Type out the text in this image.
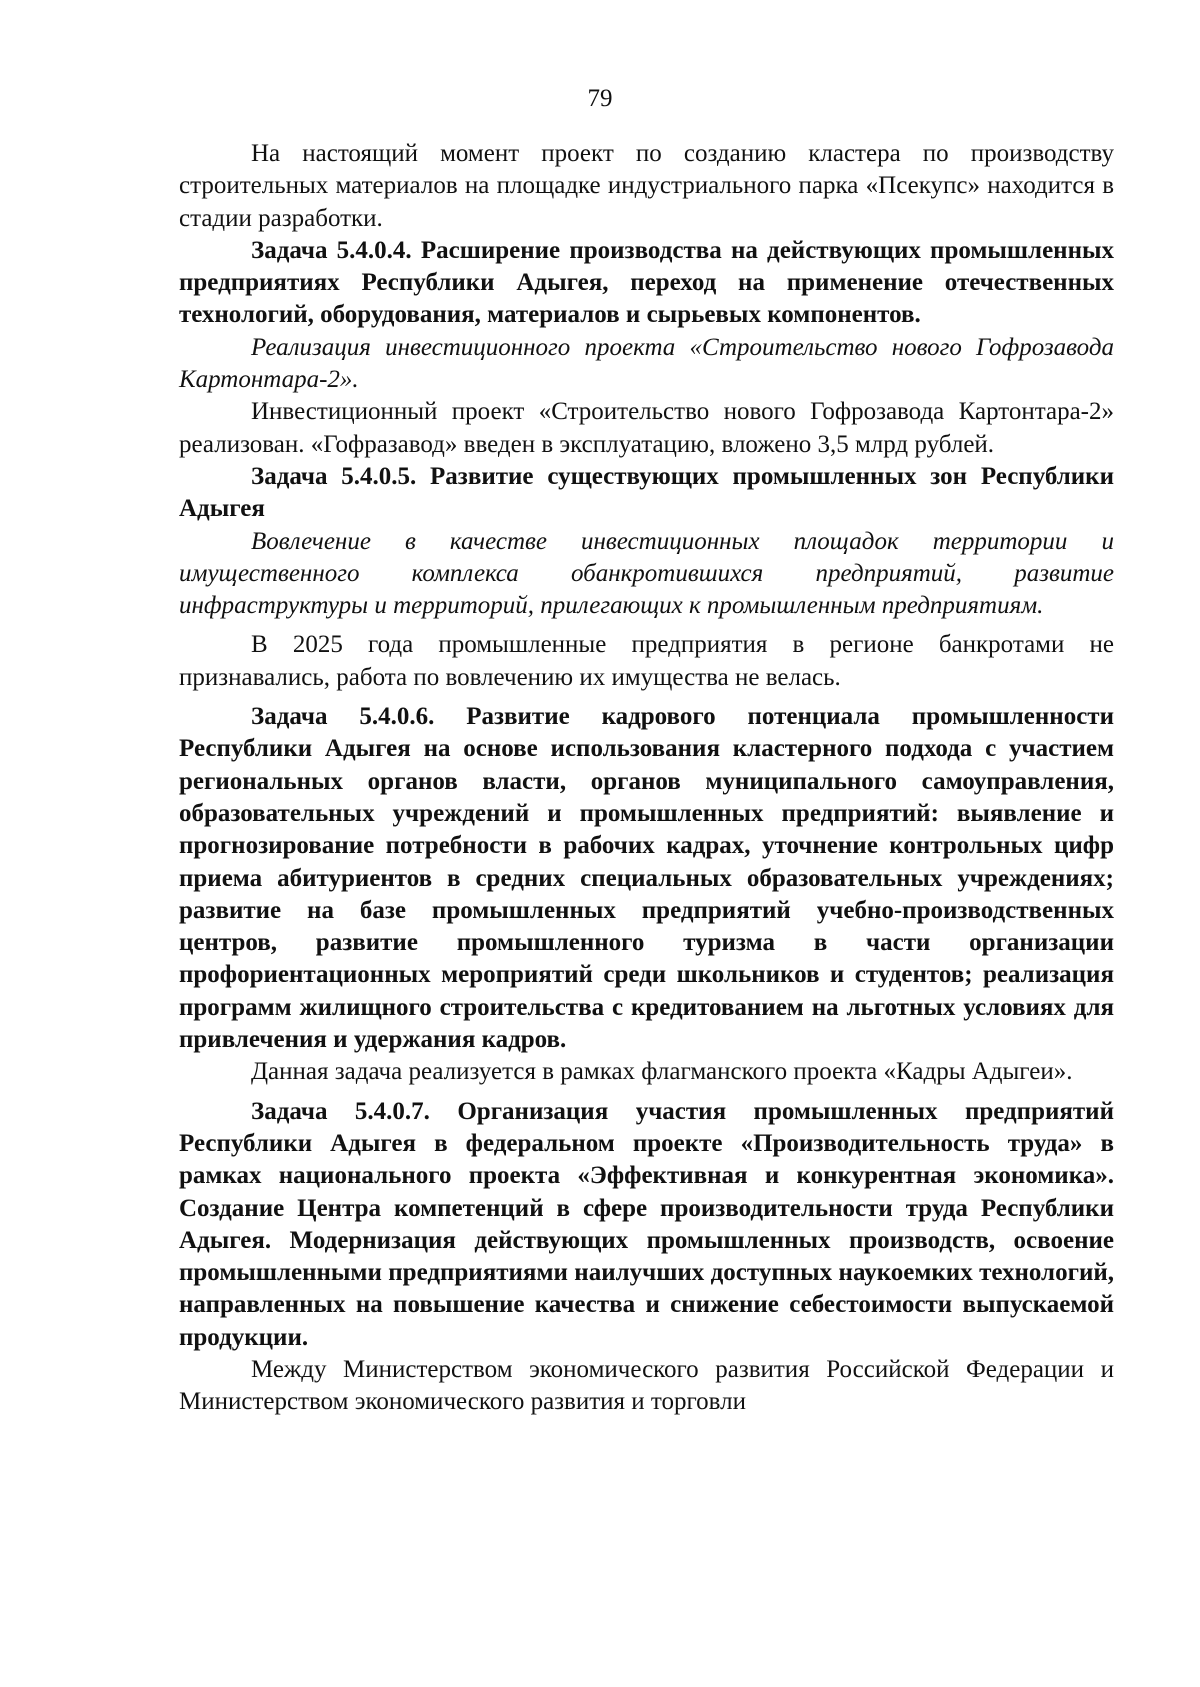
79

На настоящий момент проект по созданию кластера по производству строительных материалов на площадке индустриального парка «Псекупс» находится в стадии разработки.

Задача 5.4.0.4. Расширение производства на действующих промышленных предприятиях Республики Адыгея, переход на применение отечественных технологий, оборудования, материалов и сырьевых компонентов.

Реализация инвестиционного проекта «Строительство нового Гофрозавода Картонтара-2».

Инвестиционный проект «Строительство нового Гофрозавода Картонтара-2» реализован. «Гофразавод» введен в эксплуатацию, вложено 3,5 млрд рублей.

Задача 5.4.0.5. Развитие существующих промышленных зон Республики Адыгея

Вовлечение в качестве инвестиционных площадок территории и имущественного комплекса обанкротившихся предприятий, развитие инфраструктуры и территорий, прилегающих к промышленным предприятиям.

В 2025 года промышленные предприятия в регионе банкротами не признавались, работа по вовлечению их имущества не велась.

Задача 5.4.0.6. Развитие кадрового потенциала промышленности Республики Адыгея на основе использования кластерного подхода с участием региональных органов власти, органов муниципального самоуправления, образовательных учреждений и промышленных предприятий: выявление и прогнозирование потребности в рабочих кадрах, уточнение контрольных цифр приема абитуриентов в средних специальных образовательных учреждениях; развитие на базе промышленных предприятий учебно-производственных центров, развитие промышленного туризма в части организации профориентационных мероприятий среди школьников и студентов; реализация программ жилищного строительства с кредитованием на льготных условиях для привлечения и удержания кадров.

Данная задача реализуется в рамках флагманского проекта «Кадры Адыгеи».

Задача 5.4.0.7. Организация участия промышленных предприятий Республики Адыгея в федеральном проекте «Производительность труда» в рамках национального проекта «Эффективная и конкурентная экономика». Создание Центра компетенций в сфере производительности труда Республики Адыгея. Модернизация действующих промышленных производств, освоение промышленными предприятиями наилучших доступных наукоемких технологий, направленных на повышение качества и снижение себестоимости выпускаемой продукции.

Между Министерством экономического развития Российской Федерации и Министерством экономического развития и торговли
